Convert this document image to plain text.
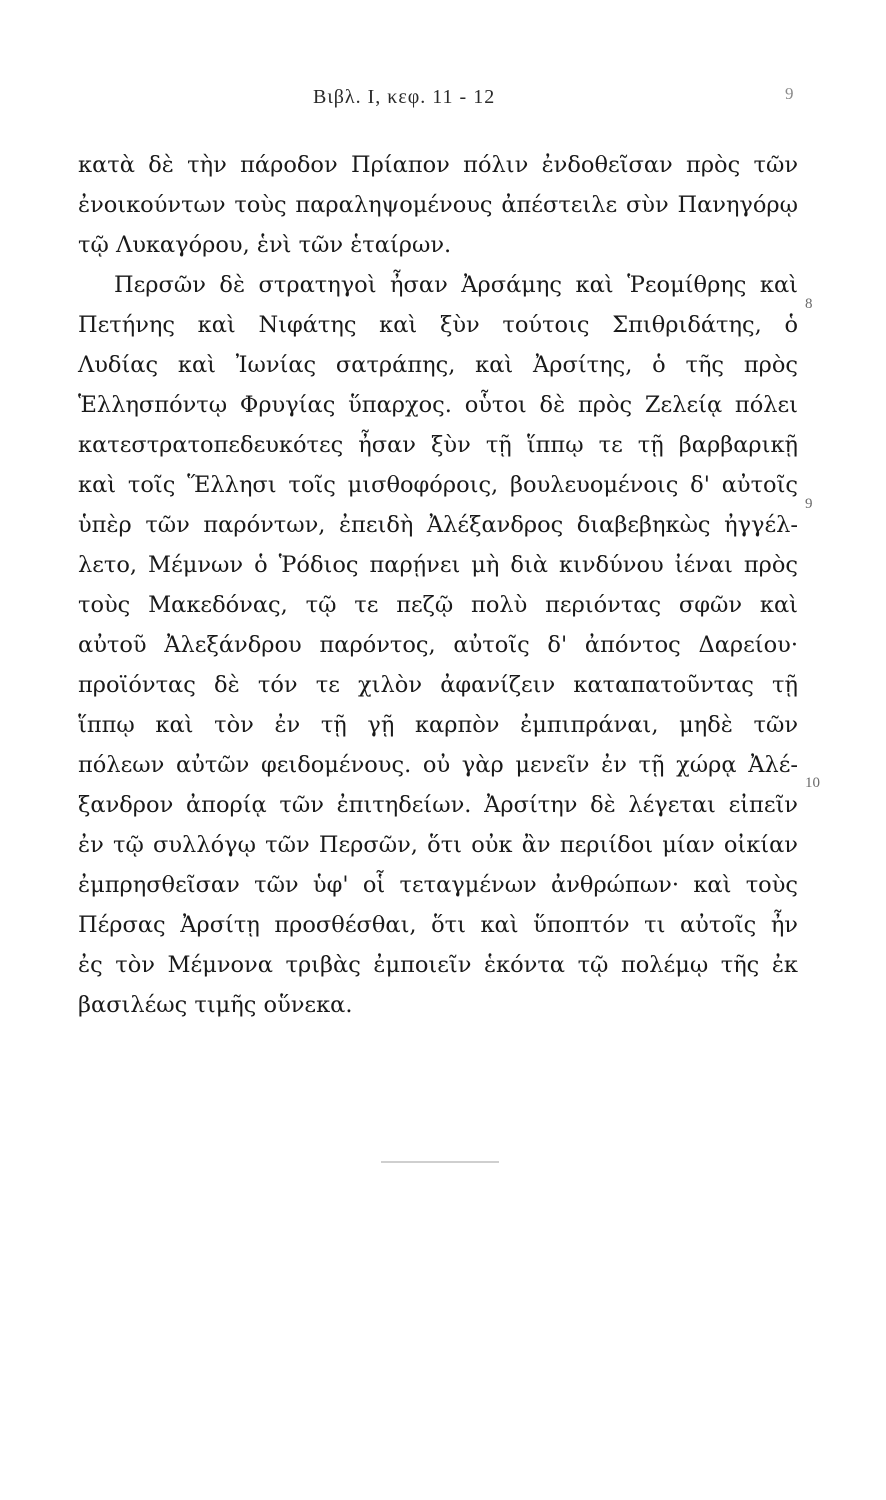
Βιβλ. I, κεφ. 11 - 12	9
κατὰ δὲ τὴν πάροδον Πρίαπον πόλιν ἐνδοθεῖσαν πρὸς τῶν
ἐνοικούντων τοὺς παραληψομένους ἀπέστειλε σὺν Πανηγόρῳ
τῷ Λυκαγόρου, ἑνὶ τῶν ἑταίρων.
Περσῶν δὲ στρατηγοὶ ἦσαν Ἀρσάμης καὶ Ῥεομίθρης καὶ
Πετήνης καὶ Νιφάτης καὶ ξὺν τούτοις Σπιθριδάτης, ὁ
Λυδίας καὶ Ἰωνίας σατράπης, καὶ Ἀρσίτης, ὁ τῆς πρὸς
Ἑλλησπόντῳ Φρυγίας ὕπαρχος. οὗτοι δὲ πρὸς Ζελείᾳ πόλει
κατεστρατοπεδευκότες ἦσαν ξὺν τῇ ἵππῳ τε τῇ βαρβαρικῇ
καὶ τοῖς Ἕλλησι τοῖς μισθοφόροις, βουλευομένοις δ' αὐτοῖς
ὑπὲρ τῶν παρόντων, ἐπειδὴ Ἀλέξανδρος διαβεβηκὼς ἠγγέλ-
λετο, Μέμνων ὁ Ῥόδιος παρῄνει μὴ διὰ κινδύνου ἰέναι πρὸς
τοὺς Μακεδόνας, τῷ τε πεζῷ πολὺ περιόντας σφῶν καὶ
αὐτοῦ Ἀλεξάνδρου παρόντος, αὐτοῖς δ' ἀπόντος Δαρείου·
προϊόντας δὲ τόν τε χιλὸν ἀφανίζειν καταπατοῦντας τῇ
ἵππῳ καὶ τὸν ἐν τῇ γῇ καρπὸν ἐμπιπράναι, μηδὲ τῶν
πόλεων αὐτῶν φειδομένους. οὐ γὰρ μενεῖν ἐν τῇ χώρᾳ Ἀλέ-
ξανδρον ἀπορίᾳ τῶν ἐπιτηδείων. Ἀρσίτην δὲ λέγεται εἰπεῖν
ἐν τῷ συλλόγῳ τῶν Περσῶν, ὅτι οὐκ ἂν περιίδοι μίαν οἰκίαν
ἐμπρησθεῖσαν τῶν ὑφ' οἷ τεταγμένων ἀνθρώπων· καὶ τοὺς
Πέρσας Ἀρσίτῃ προσθέσθαι, ὅτι καὶ ὕποπτόν τι αὐτοῖς ἦν
ἐς τὸν Μέμνονα τριβὰς ἐμποιεῖν ἑκόντα τῷ πολέμῳ τῆς ἐκ
βασιλέως τιμῆς οὕνεκα.
8
9
10
